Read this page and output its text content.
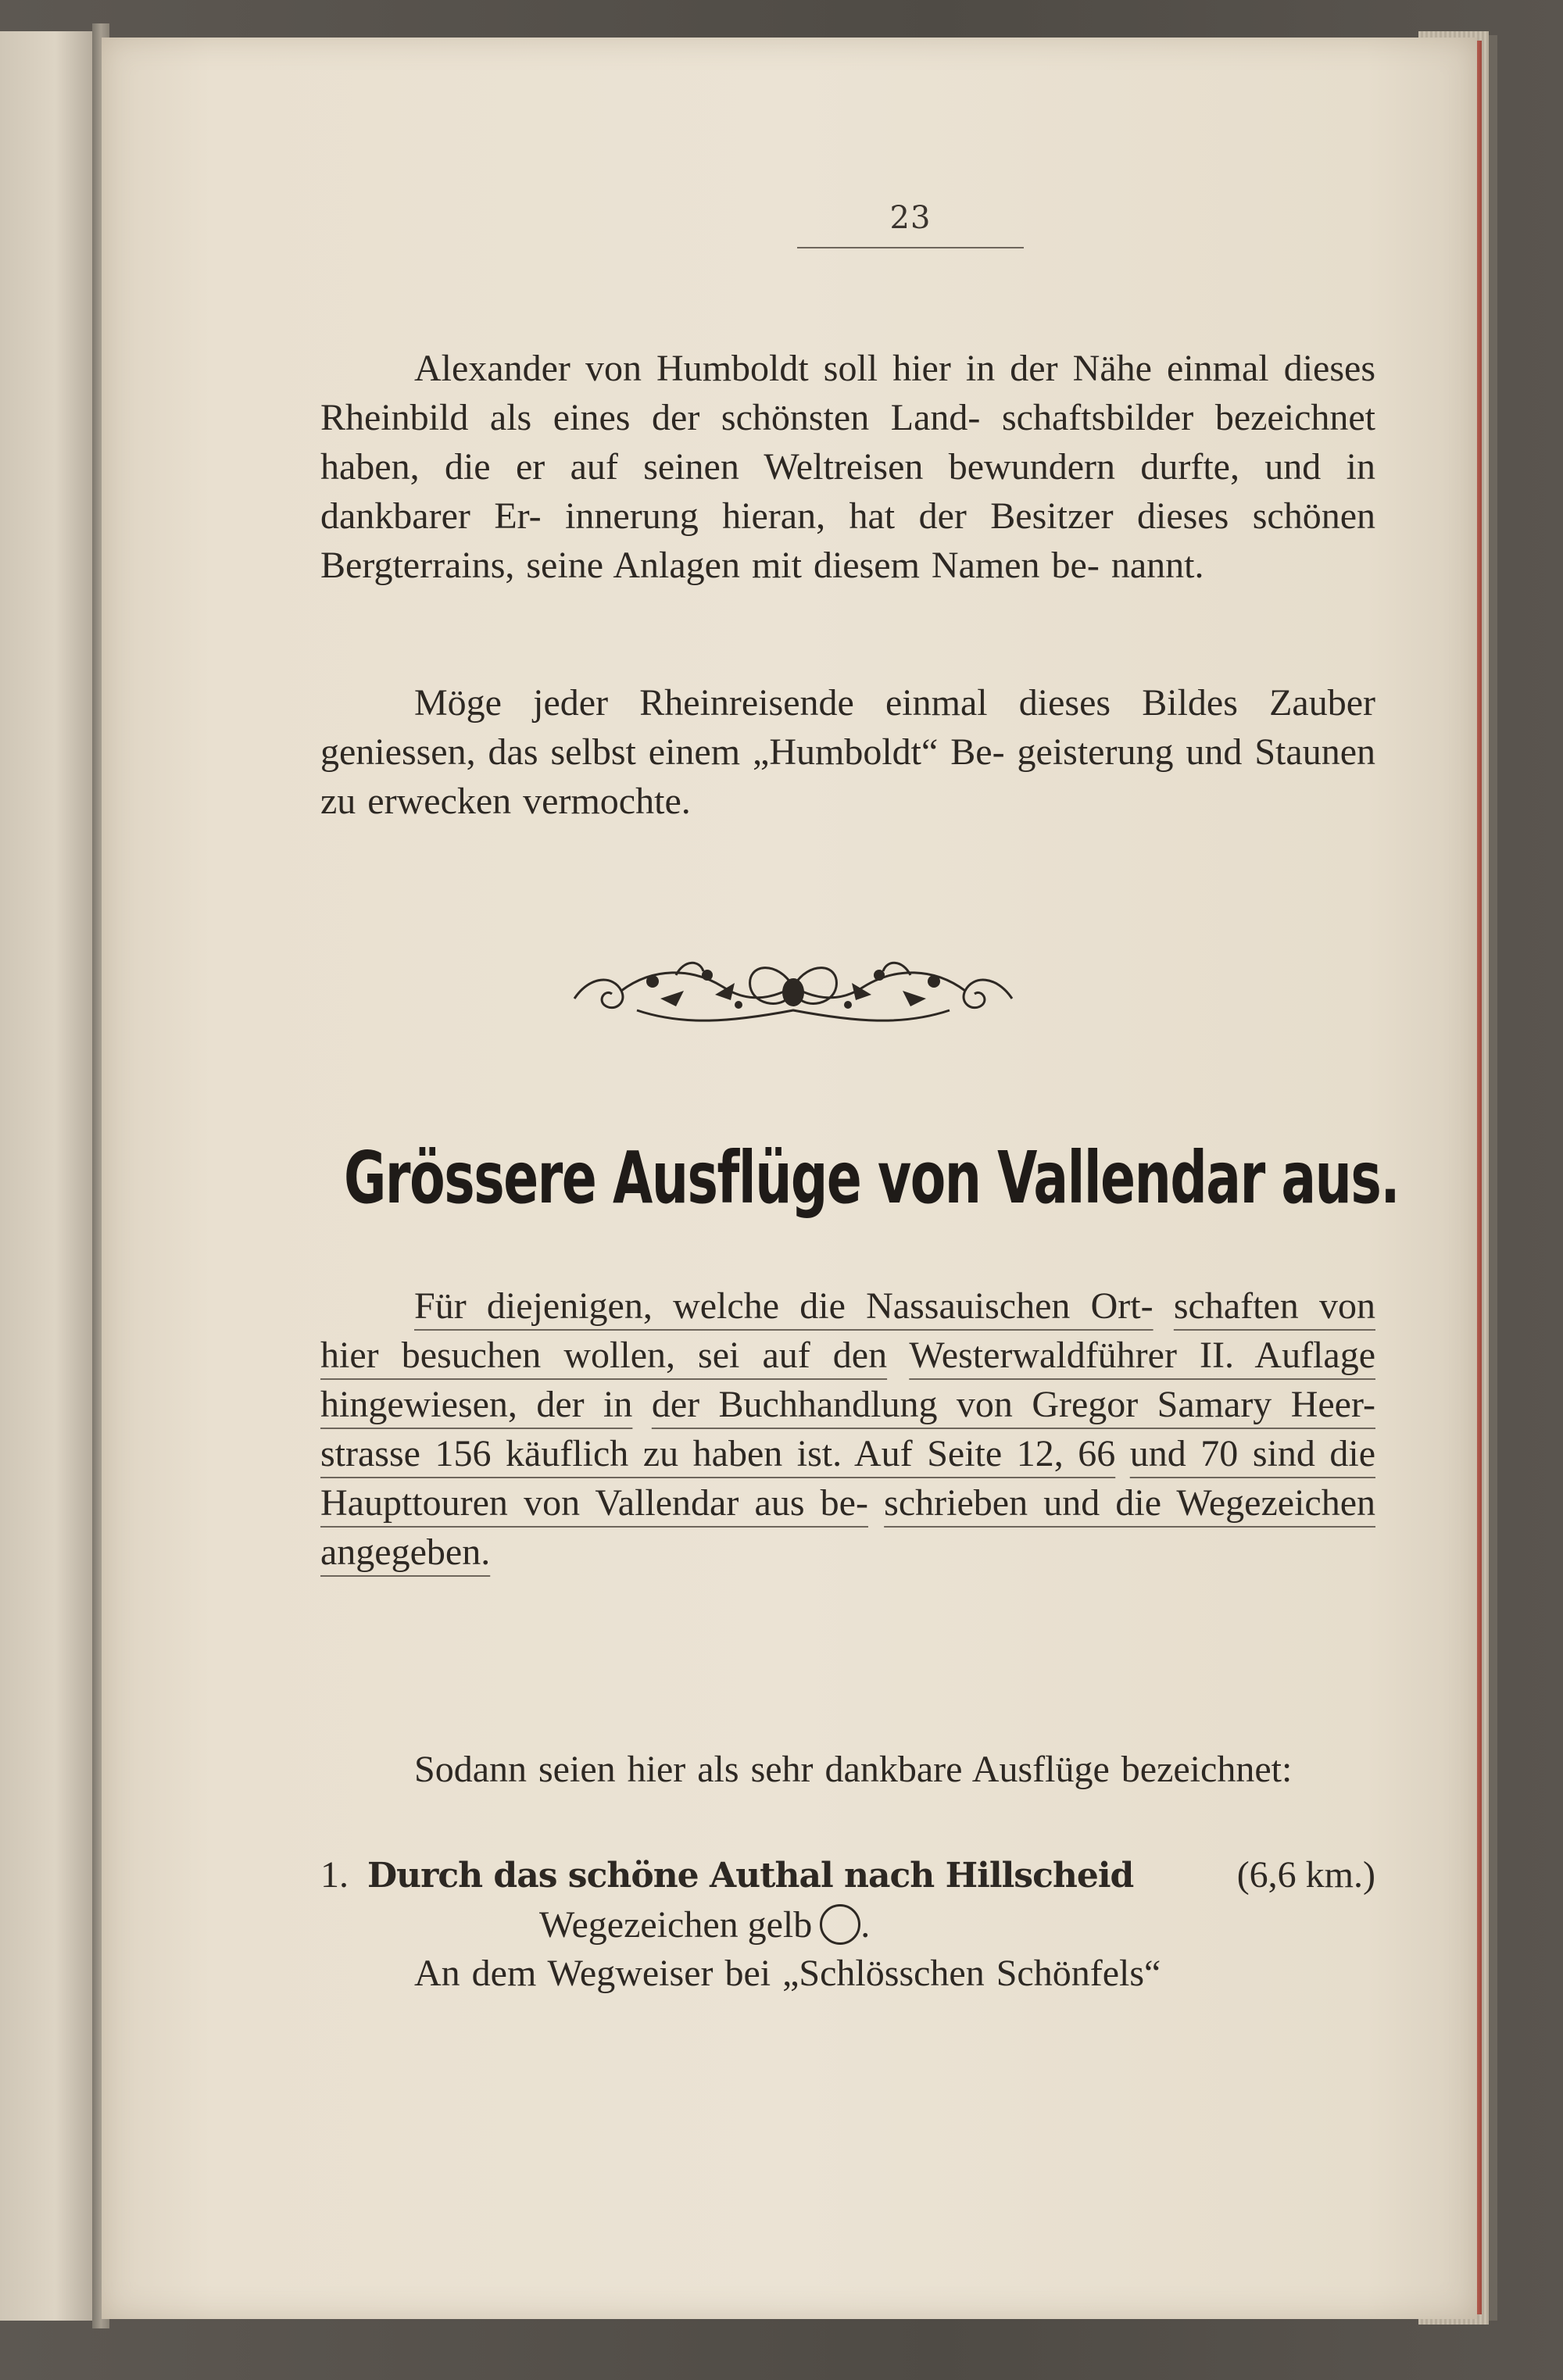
23

Alexander von Humboldt soll hier in der Nähe einmal dieses Rheinbild als eines der schönsten Land- schaftsbilder bezeichnet haben, die er auf seinen Weltreisen bewundern durfte, und in dankbarer Er- innerung hieran, hat der Besitzer dieses schönen Bergterrains, seine Anlagen mit diesem Namen be- nannt.

Möge jeder Rheinreisende einmal dieses Bildes Zauber geniessen, das selbst einem „Humboldt“ Be- geisterung und Staunen zu erwecken vermochte.

Grössere Ausflüge von Vallendar aus.

Für diejenigen, welche die Nassauischen Ort- schaften von hier besuchen wollen, sei auf den Westerwaldführer II. Auflage hingewiesen, der in der Buchhandlung von Gregor Samary Heer- strasse 156 käuflich zu haben ist. Auf Seite 12, 66 und 70 sind die Haupttouren von Vallendar aus be- schrieben und die Wegezeichen angegeben.

Sodann seien hier als sehr dankbare Ausflüge bezeichnet:

1. Durch das schöne Authal nach Hillscheid	(6,6 km.)
Wegezeichen gelb .

An dem Wegweiser bei „Schlösschen Schönfels“
